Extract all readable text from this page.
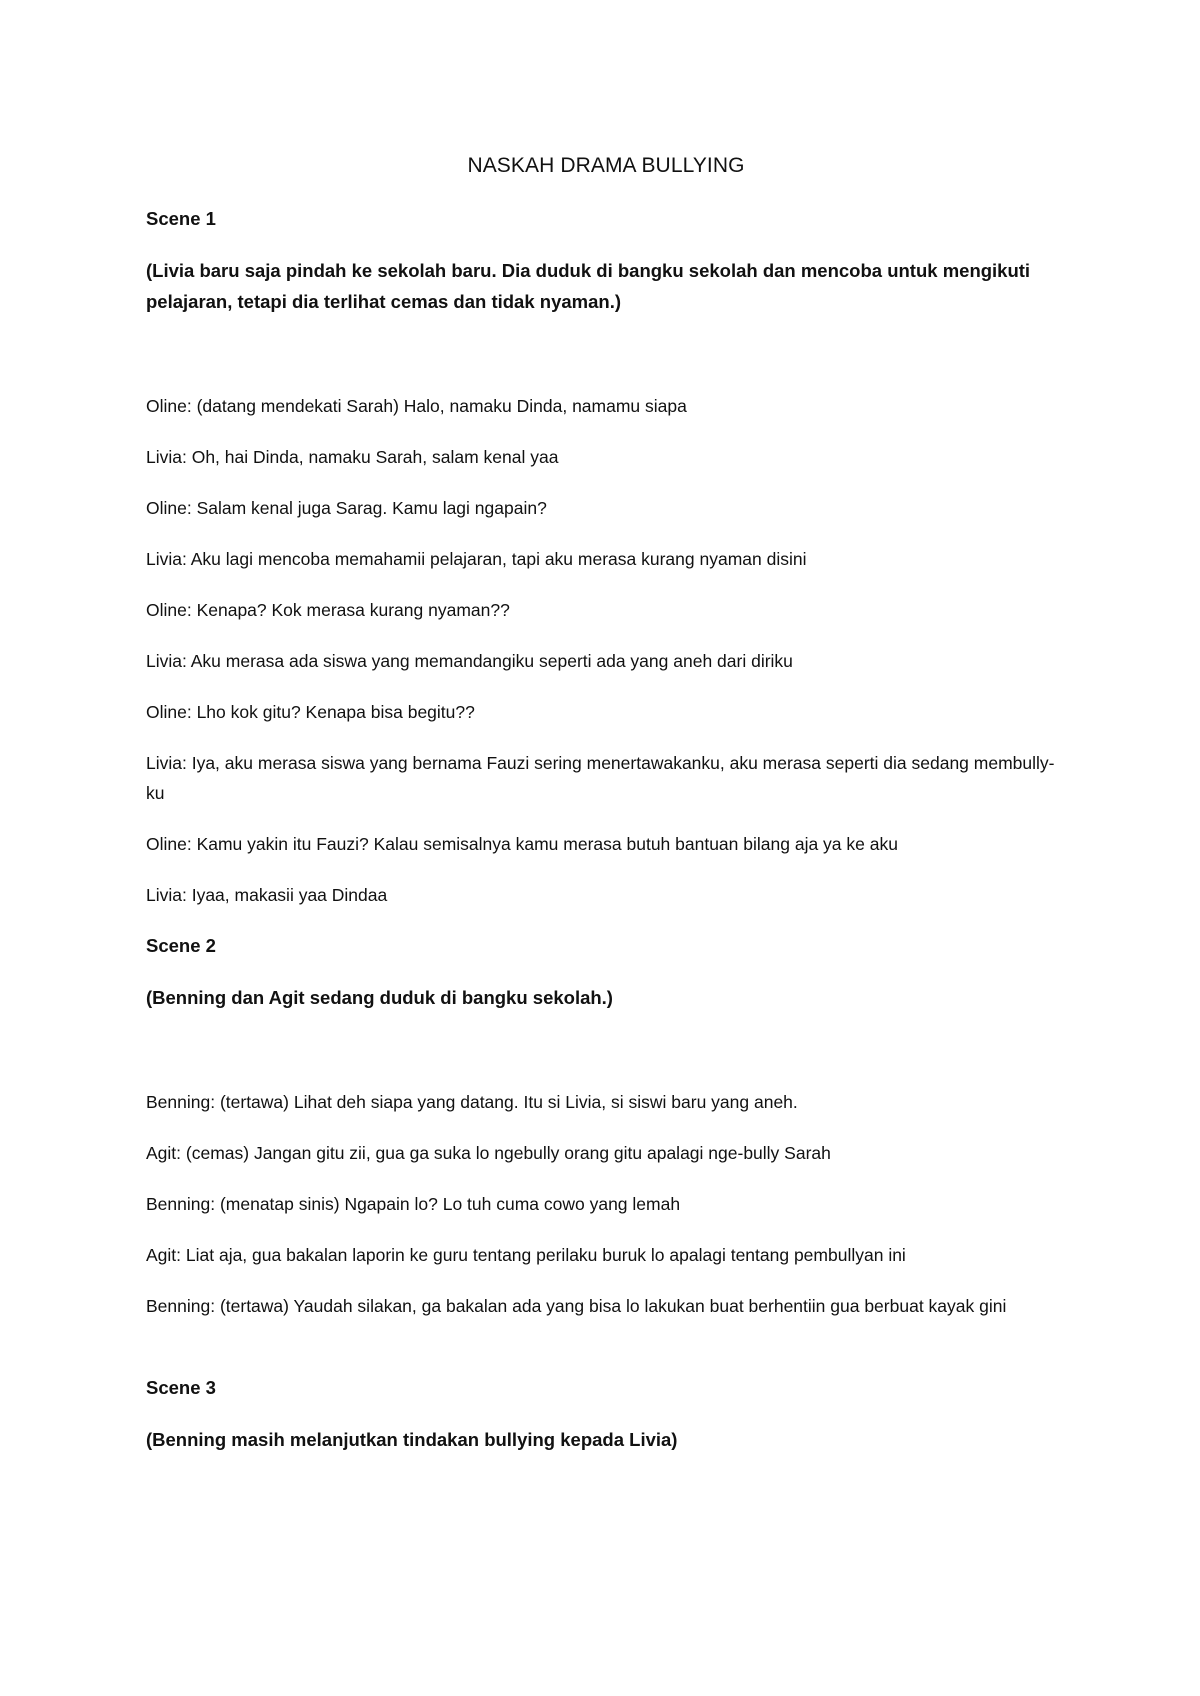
NASKAH DRAMA BULLYING
Scene 1
(Livia baru saja pindah ke sekolah baru. Dia duduk di bangku sekolah dan mencoba untuk mengikuti pelajaran, tetapi dia terlihat cemas dan tidak nyaman.)
Oline: (datang mendekati Sarah) Halo, namaku Dinda, namamu siapa
Livia: Oh, hai Dinda, namaku Sarah, salam kenal yaa
Oline: Salam kenal juga Sarag. Kamu lagi ngapain?
Livia: Aku lagi mencoba memahamii pelajaran, tapi aku merasa kurang nyaman disini
Oline: Kenapa? Kok merasa kurang nyaman??
Livia: Aku merasa ada siswa yang memandangiku seperti ada yang aneh dari diriku
Oline: Lho kok gitu? Kenapa bisa begitu??
Livia: Iya, aku merasa siswa yang bernama Fauzi sering menertawakanku, aku merasa seperti dia sedang membully-ku
Oline: Kamu yakin itu Fauzi? Kalau semisalnya kamu merasa butuh bantuan bilang aja ya ke aku
Livia: Iyaa, makasii yaa Dindaa
Scene 2
(Benning dan Agit sedang duduk di bangku sekolah.)
Benning: (tertawa) Lihat deh siapa yang datang. Itu si Livia, si siswi baru yang aneh.
Agit: (cemas) Jangan gitu zii, gua ga suka lo ngebully orang gitu apalagi nge-bully Sarah
Benning: (menatap sinis) Ngapain lo? Lo tuh cuma cowo yang lemah
Agit: Liat aja, gua bakalan laporin ke guru tentang perilaku buruk lo apalagi tentang pembullyan ini
Benning: (tertawa) Yaudah silakan, ga bakalan ada yang bisa lo lakukan buat berhentiin gua berbuat kayak gini
Scene 3
(Benning masih melanjutkan tindakan bullying kepada Livia)
